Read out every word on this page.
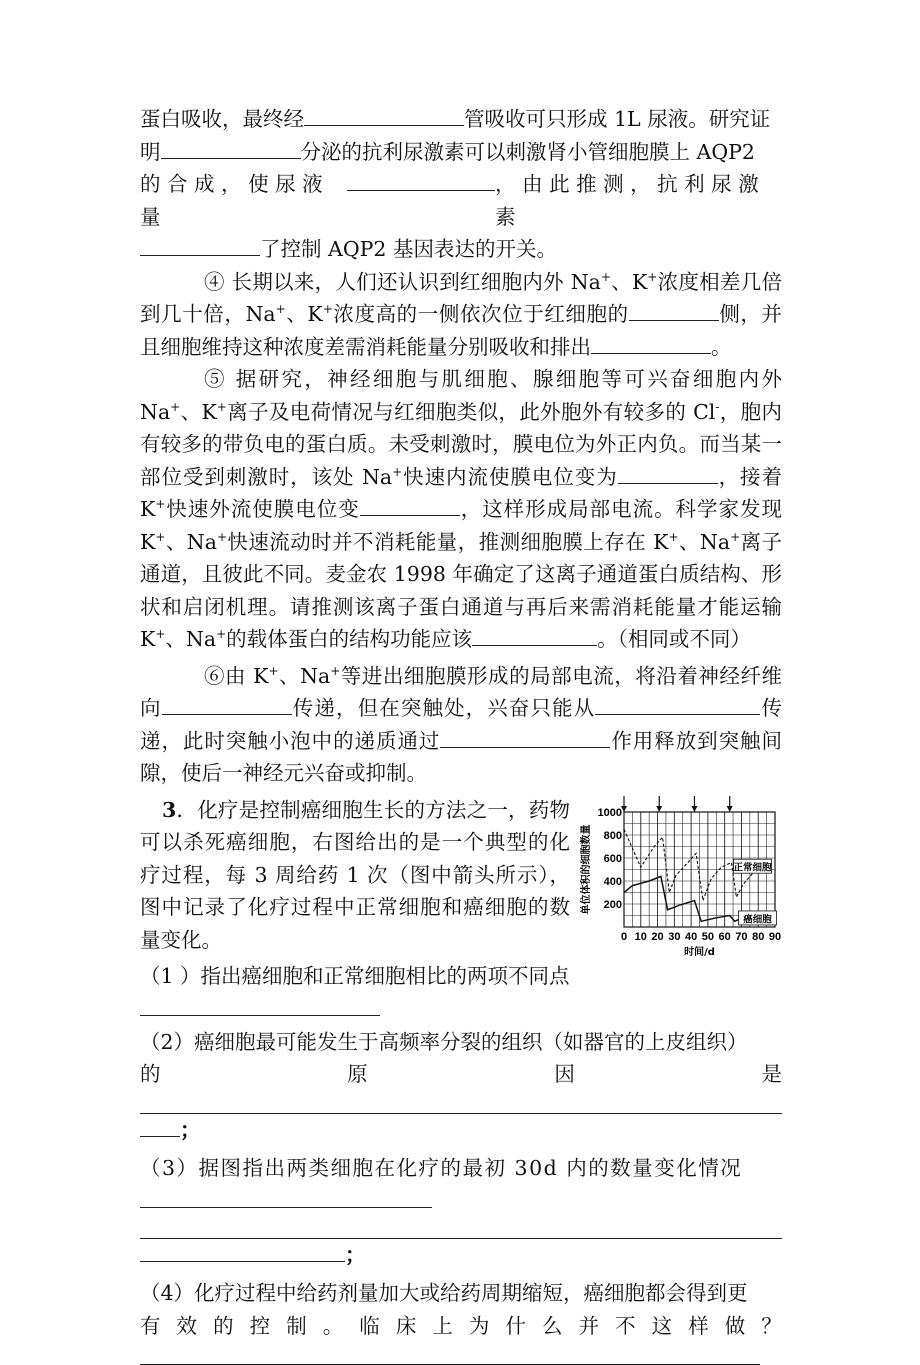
蛋白吸收，最终经	管吸收可只形成 1L 尿液。研究证

明	分泌的抗利尿激素可以刺激肾小管细胞膜上 AQP2

的 合 成 ， 使 尿 液 量
， 由 此 推 测 ， 抗 利 尿 激 素

了控制 AQP2 基因表达的开关。

④ 长期以来，人们还认识到红细胞内外 Na+、K+浓度相差几倍到几十倍，Na+、K+浓度高的一侧依次位于红细胞的	侧，并且细胞维持这种浓度差需消耗能量分别吸收和排出	。

⑤ 据研究，神经细胞与肌细胞、腺细胞等可兴奋细胞内外Na+、K+离子及电荷情况与红细胞类似，此外胞外有较多的 Cl-，胞内有较多的带负电的蛋白质。未受刺激时，膜电位为外正内负。而当某一部位受到刺激时，该处 Na+快速内流使膜电位变为	，接着 K+快速外流使膜电位变	，这样形成局部电流。科学家发现 K+、Na+快速流动时并不消耗能量，推测细胞膜上存在 K+、Na+离子通道，且彼此不同。麦金农 1998 年确定了这离子通道蛋白质结构、形状和启闭机理。请推测该离子蛋白通道与再后来需消耗能量才能运输 K+、Na+的载体蛋白的结构功能应该	。（相同或不同）

⑥由 K+、Na+等进出细胞膜形成的局部电流，将沿着神经纤维向	传递，但在突触处，兴奋只能从	传递，此时突触小泡中的递质通过	作用释放到突触间隙，使后一神经元兴奋或抑制。

3．化疗是控制癌细胞生长的方法之一，药物可以杀死癌细胞，右图给出的是一个典型的化疗过程，每 3 周给药 1 次（图中箭头所示），图中记录了化疗过程中正常细胞和癌细胞的数量变化。

（1 ）指出癌细胞和正常细胞相比的两项不同点

200
400
600
800
1000
0 10 20 30 40 50 60 70 80 90
单位体积的细胞数量
时间/d
正常细胞
癌细胞

（2）癌细胞最可能发生于高频率分裂的组织（如器官的上皮组织）

的	原	因	是

；

（3）据图指出两类细胞在化疗的最初 30d 内的数量变化情况

；

（4）化疗过程中给药剂量加大或给药周期缩短，癌细胞都会得到更

有 效 的 控 制 。 临 床 上 为 什 么 并 不 这 样 做 ？
